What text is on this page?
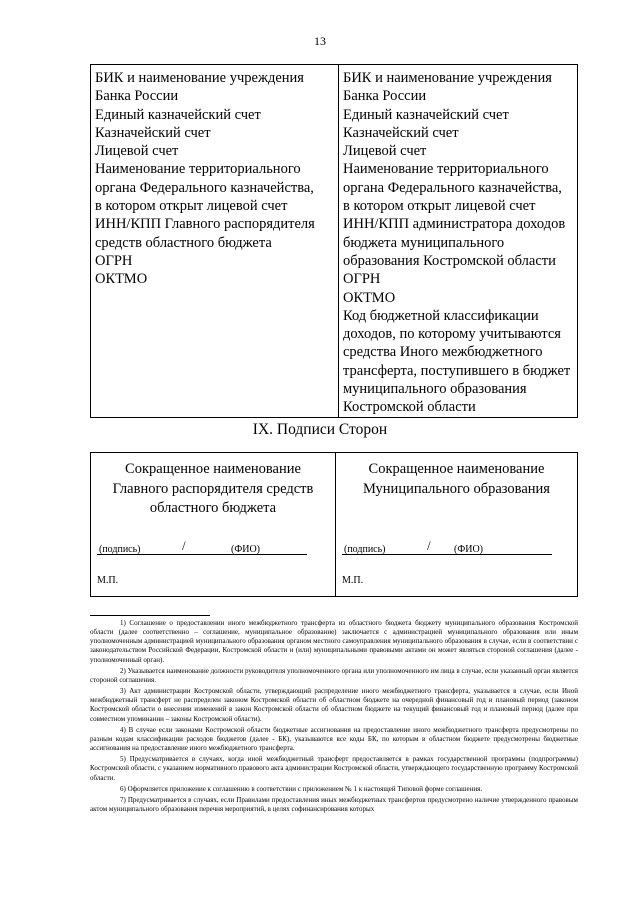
13
БИК и наименование учреждения
Банка России
Единый казначейский счет
Казначейский счет
Лицевой счет
Наименование территориального
органа Федерального казначейства,
в котором открыт лицевой счет
ИНН/КПП Главного распорядителя
средств областного бюджета
ОГРН
ОКТМО

БИК и наименование учреждения
Банка России
Единый казначейский счет
Казначейский счет
Лицевой счет
Наименование территориального
органа Федерального казначейства,
в котором открыт лицевой счет
ИНН/КПП администратора доходов
бюджета муниципального
образования Костромской области
ОГРН
ОКТМО
Код бюджетной классификации
доходов, по которому учитываются
средства Иного межбюджетного
трансферта, поступившего в бюджет
муниципального образования
Костромской области
IX. Подписи Сторон
Сокращенное наименование
Главного распорядителя средств
областного бюджета
/
(подпись)	(ФИО)
М.П.

Сокращенное наименование
Муниципального образования
/
(подпись)	(ФИО)
М.П.

1) Соглашение о предоставлении иного межбюджетного трансферта из областного бюджета бюджету муниципального образования Костромской области (далее соответственно – соглашение, муниципальное образование) заключается с администрацией муниципального образования или иным уполномоченным администрацией муниципального образования органом местного самоуправления муниципального образования в случае, если в соответствии с законодательством Российской Федерации, Костромской области и (или) муниципальными правовыми актами он может являться стороной соглашения (далее - уполномоченный орган).

2) Указывается наименование должности руководителя уполномоченного органа или уполномоченного им лица в случае, если указанный орган является стороной соглашения.

3) Акт администрации Костромской области, утверждающий распределение иного межбюджетного трансферта, указывается в случае, если Иной межбюджетный трансферт не распределен законом Костромской области об областном бюджете на очередной финансовый год и плановый период (законом Костромской области о внесении изменений в закон Костромской области об областном бюджете на текущий финансовый год и плановый период (далее при совместном упоминании – законы Костромской области).

4) В случае если законами Костромской области бюджетные ассигнования на предоставление иного межбюджетного трансферта предусмотрены по разным кодам классификации расходов бюджетов (далее - БК), указываются все коды БК, по которым в областном бюджете предусмотрены бюджетные ассигнования на предоставление иного межбюджетного трансферта.

5) Предусматривается в случаях, когда иной межбюджетный трансферт предоставляется в рамках государственной программы (подпрограммы) Костромской области, с указанием нормативного правового акта администрации Костромской области, утверждающего государственную программу Костромской области.

6) Оформляется приложение к соглашению в соответствии с приложением № 1 к настоящей Типовой форме соглашения.

7) Предусматривается в случаях, если Правилами предоставления иных межбюджетных трансфертов предусмотрено наличие утвержденного правовым актом муниципального образования перечня мероприятий, в целях софинансирования которых
